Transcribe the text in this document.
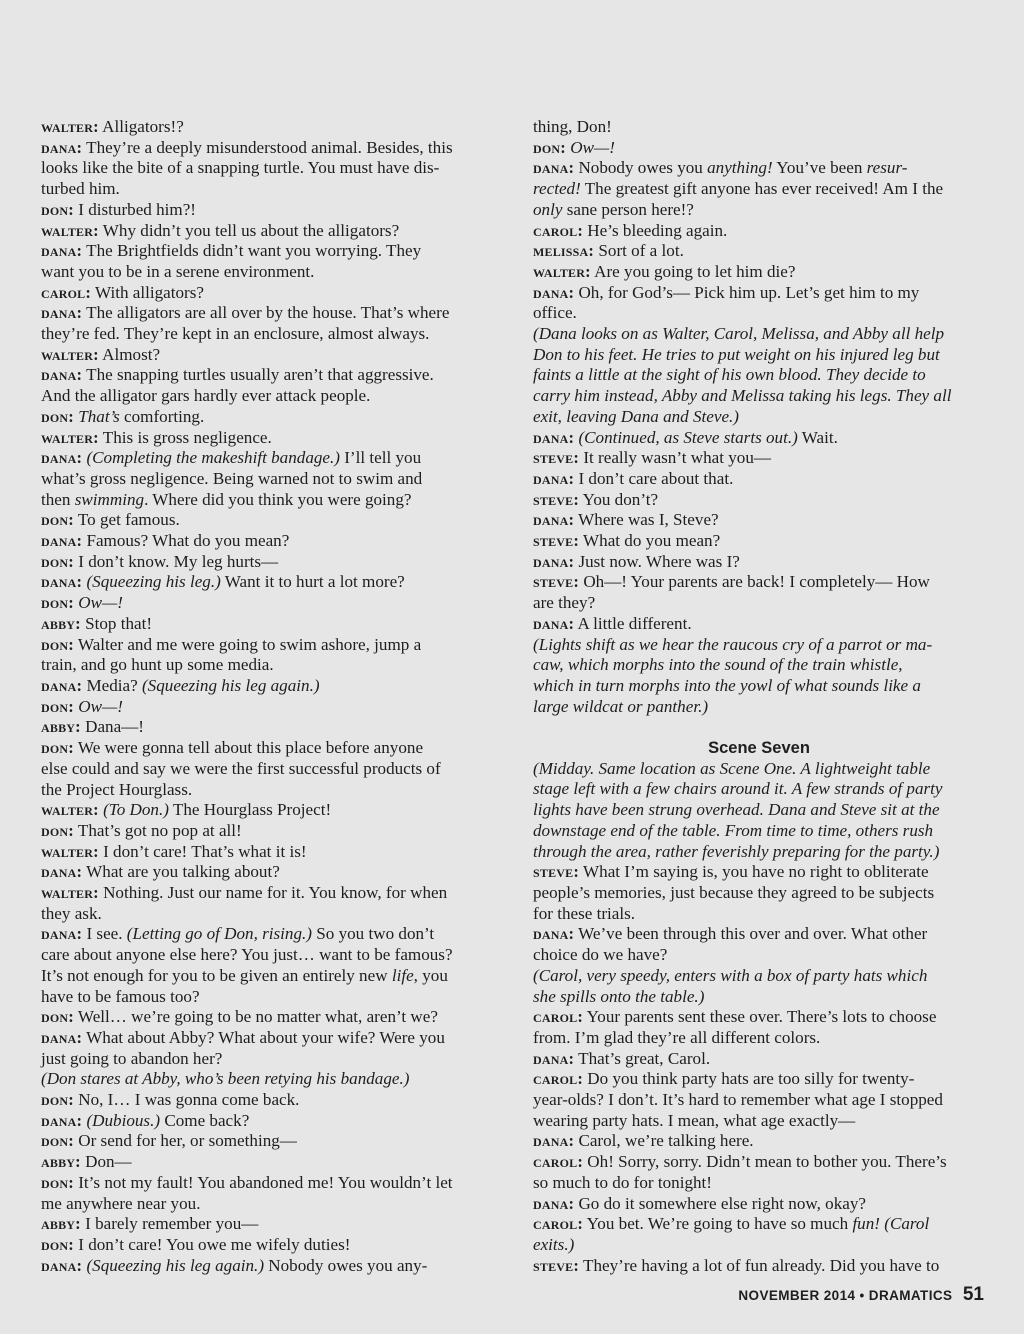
walter: Alligators!?
dana: They’re a deeply misunderstood animal. Besides, this
looks like the bite of a snapping turtle. You must have dis-
turbed him.
don: I disturbed him?!
walter: Why didn’t you tell us about the alligators?
dana: The Brightfields didn’t want you worrying. They
want you to be in a serene environment.
carol: With alligators?
dana: The alligators are all over by the house. That’s where
they’re fed. They’re kept in an enclosure, almost always.
walter: Almost?
dana: The snapping turtles usually aren’t that aggressive.
And the alligator gars hardly ever attack people.
don: That’s comforting.
walter: This is gross negligence.
dana: (Completing the makeshift bandage.) I’ll tell you
what’s gross negligence. Being warned not to swim and
then swimming. Where did you think you were going?
don: To get famous.
dana: Famous? What do you mean?
don: I don’t know. My leg hurts—
dana: (Squeezing his leg.) Want it to hurt a lot more?
don: Ow—!
abby: Stop that!
don: Walter and me were going to swim ashore, jump a
train, and go hunt up some media.
dana: Media? (Squeezing his leg again.)
don: Ow—!
abby: Dana—!
don: We were gonna tell about this place before anyone
else could and say we were the first successful products of
the Project Hourglass.
walter: (To Don.) The Hourglass Project!
don: That’s got no pop at all!
walter: I don’t care! That’s what it is!
dana: What are you talking about?
walter: Nothing. Just our name for it. You know, for when
they ask.
dana: I see. (Letting go of Don, rising.) So you two don’t
care about anyone else here? You just… want to be famous?
It’s not enough for you to be given an entirely new life, you
have to be famous too?
don: Well… we’re going to be no matter what, aren’t we?
dana: What about Abby? What about your wife? Were you
just going to abandon her?
(Don stares at Abby, who’s been retying his bandage.)
don: No, I… I was gonna come back.
dana: (Dubious.) Come back?
don: Or send for her, or something—
abby: Don—
don: It’s not my fault! You abandoned me! You wouldn’t let
me anywhere near you.
abby: I barely remember you—
don: I don’t care! You owe me wifely duties!
dana: (Squeezing his leg again.) Nobody owes you any-
thing, Don!
don: Ow—!
dana: Nobody owes you anything! You’ve been resur-
rected! The greatest gift anyone has ever received! Am I the
only sane person here!?
carol: He’s bleeding again.
melissa: Sort of a lot.
walter: Are you going to let him die?
dana: Oh, for God’s— Pick him up. Let’s get him to my
office.
(Dana looks on as Walter, Carol, Melissa, and Abby all help
Don to his feet. He tries to put weight on his injured leg but
faints a little at the sight of his own blood. They decide to
carry him instead, Abby and Melissa taking his legs. They all
exit, leaving Dana and Steve.)
dana: (Continued, as Steve starts out.) Wait.
steve: It really wasn’t what you—
dana: I don’t care about that.
steve: You don’t?
dana: Where was I, Steve?
steve: What do you mean?
dana: Just now. Where was I?
steve: Oh—! Your parents are back! I completely— How
are they?
dana: A little different.
(Lights shift as we hear the raucous cry of a parrot or ma-
caw, which morphs into the sound of the train whistle,
which in turn morphs into the yowl of what sounds like a
large wildcat or panther.)
Scene Seven
(Midday. Same location as Scene One. A lightweight table
stage left with a few chairs around it. A few strands of party
lights have been strung overhead. Dana and Steve sit at the
downstage end of the table. From time to time, others rush
through the area, rather feverishly preparing for the party.)
steve: What I’m saying is, you have no right to obliterate
people’s memories, just because they agreed to be subjects
for these trials.
dana: We’ve been through this over and over. What other
choice do we have?
(Carol, very speedy, enters with a box of party hats which
she spills onto the table.)
carol: Your parents sent these over. There’s lots to choose
from. I’m glad they’re all different colors.
dana: That’s great, Carol.
carol: Do you think party hats are too silly for twenty-
year-olds? I don’t. It’s hard to remember what age I stopped
wearing party hats. I mean, what age exactly—
dana: Carol, we’re talking here.
carol: Oh! Sorry, sorry. Didn’t mean to bother you. There’s
so much to do for tonight!
dana: Go do it somewhere else right now, okay?
carol: You bet. We’re going to have so much fun! (Carol
exits.)
steve: They’re having a lot of fun already. Did you have to
NOVEMBER 2014 • DRAMATICS 51
